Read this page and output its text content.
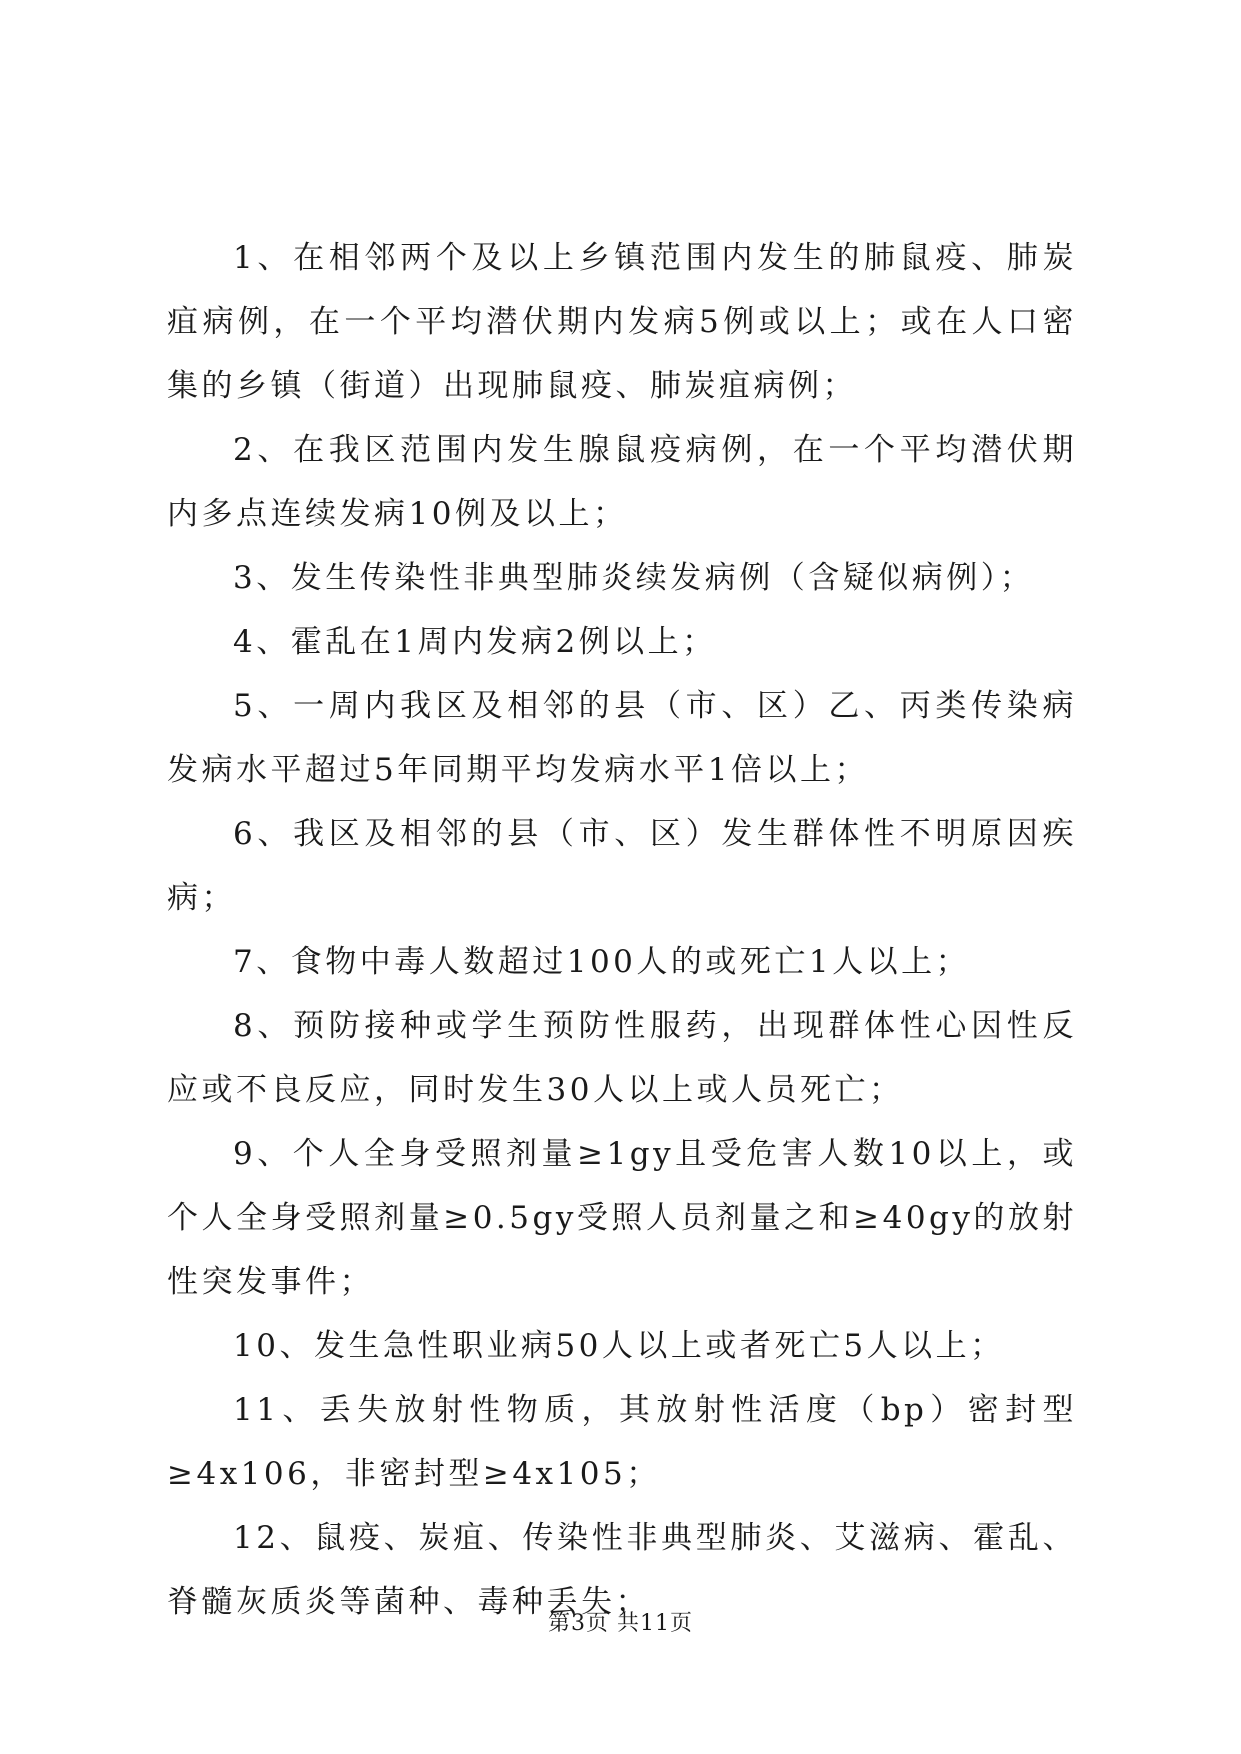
1、在相邻两个及以上乡镇范围内发生的肺鼠疫、肺炭疽病例，在一个平均潜伏期内发病5例或以上；或在人口密集的乡镇（街道）出现肺鼠疫、肺炭疽病例；

2、在我区范围内发生腺鼠疫病例，在一个平均潜伏期内多点连续发病10例及以上；

3、发生传染性非典型肺炎续发病例（含疑似病例）；

4、霍乱在1周内发病2例以上；

5、一周内我区及相邻的县（市、区）乙、丙类传染病发病水平超过5年同期平均发病水平1倍以上；

6、我区及相邻的县（市、区）发生群体性不明原因疾病；

7、食物中毒人数超过100人的或死亡1人以上；

8、预防接种或学生预防性服药，出现群体性心因性反应或不良反应，同时发生30人以上或人员死亡；

9、个人全身受照剂量≥1gy且受危害人数10以上，或个人全身受照剂量≥0.5gy受照人员剂量之和≥40gy的放射性突发事件；

10、发生急性职业病50人以上或者死亡5人以上；

11、丢失放射性物质，其放射性活度（bp）密封型≥4x106，非密封型≥4x105；

12、鼠疫、炭疽、传染性非典型肺炎、艾滋病、霍乱、脊髓灰质炎等菌种、毒种丢失；

第3页 共11页
